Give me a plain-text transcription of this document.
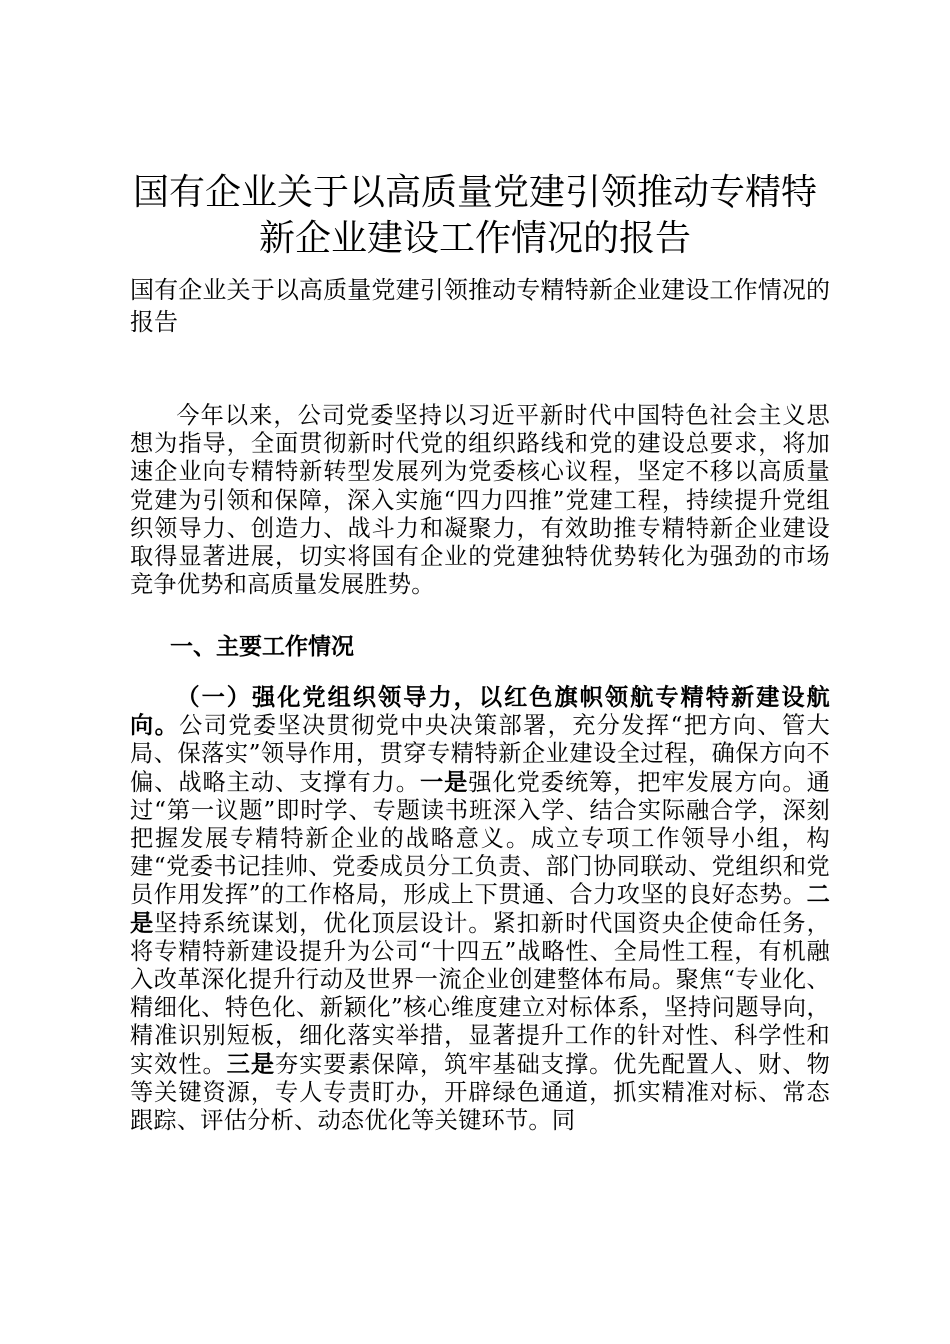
国有企业关于以高质量党建引领推动专精特新企业建设工作情况的报告

国有企业关于以高质量党建引领推动专精特新企业建设工作情况的报告

今年以来，公司党委坚持以习近平新时代中国特色社会主义思想为指导，全面贯彻新时代党的组织路线和党的建设总要求，将加速企业向专精特新转型发展列为党委核心议程，坚定不移以高质量党建为引领和保障，深入实施“四力四推”党建工程，持续提升党组织领导力、创造力、战斗力和凝聚力，有效助推专精特新企业建设取得显著进展，切实将国有企业的党建独特优势转化为强劲的市场竞争优势和高质量发展胜势。

一、主要工作情况

（一）强化党组织领导力，以红色旗帜领航专精特新建设航向。公司党委坚决贯彻党中央决策部署，充分发挥“把方向、管大局、保落实”领导作用，贯穿专精特新企业建设全过程，确保方向不偏、战略主动、支撑有力。一是强化党委统筹，把牢发展方向。通过“第一议题”即时学、专题读书班深入学、结合实际融合学，深刻把握发展专精特新企业的战略意义。成立专项工作领导小组，构建“党委书记挂帅、党委成员分工负责、部门协同联动、党组织和党员作用发挥”的工作格局，形成上下贯通、合力攻坚的良好态势。二是坚持系统谋划，优化顶层设计。紧扣新时代国资央企使命任务，将专精特新建设提升为公司“十四五”战略性、全局性工程，有机融入改革深化提升行动及世界一流企业创建整体布局。聚焦“专业化、精细化、特色化、新颖化”核心维度建立对标体系，坚持问题导向，精准识别短板，细化落实举措，显著提升工作的针对性、科学性和实效性。三是夯实要素保障，筑牢基础支撑。优先配置人、财、物等关键资源，专人专责盯办，开辟绿色通道，抓实精准对标、常态跟踪、评估分析、动态优化等关键环节。同
